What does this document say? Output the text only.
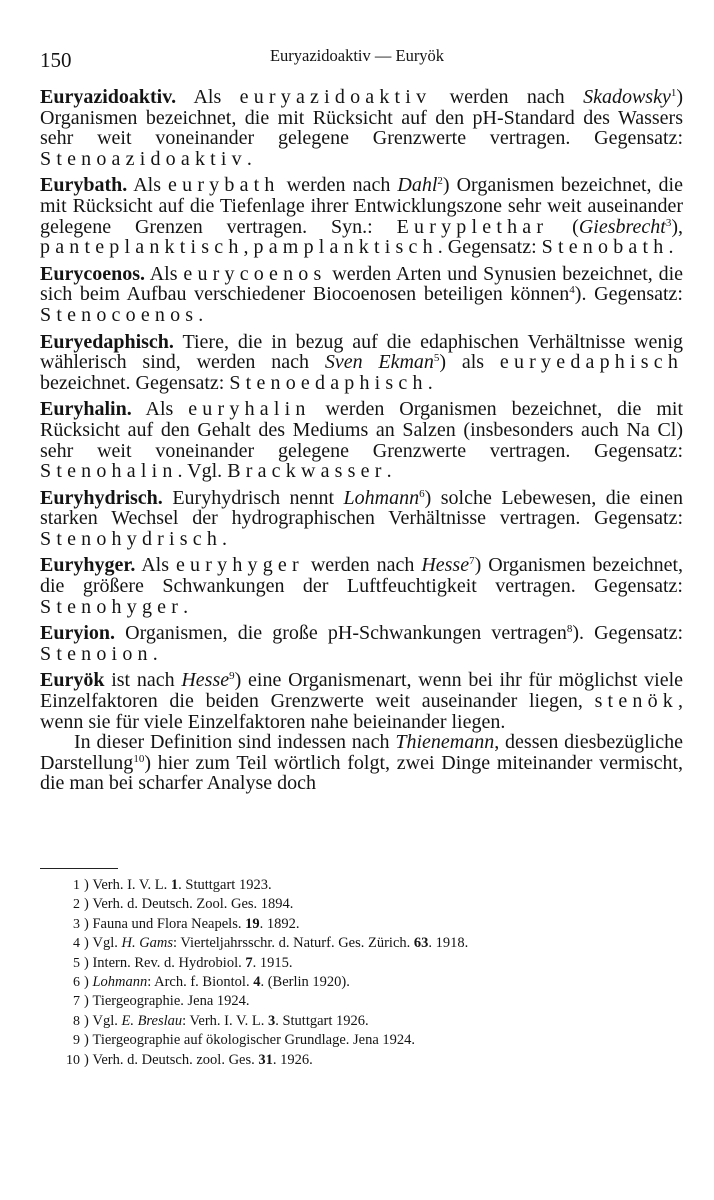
150	Euryazidoaktiv — Euryök

Euryazidoaktiv. Als euryazidoaktiv werden nach Skadowsky$^1$) Organismen bezeichnet, die mit Rücksicht auf den pH-Standard des Wassers sehr weit voneinander gelegene Grenzwerte vertragen. Gegensatz: Stenoazidoaktiv.

Eurybath. Als eurybath werden nach Dahl$^2$) Organismen bezeichnet, die mit Rücksicht auf die Tiefenlage ihrer Entwicklungszone sehr weit auseinander gelegene Grenzen vertragen. Syn.: Euryplethar (Giesbrecht$^3$), panteplanktisch, pamplanktisch. Gegensatz: Stenobath.

Eurycoenos. Als eurycoenos werden Arten und Synusien bezeichnet, die sich beim Aufbau verschiedener Biocoenosen beteiligen können$^4$). Gegensatz: Stenocoenos.

Euryedaphisch. Tiere, die in bezug auf die edaphischen Verhältnisse wenig wählerisch sind, werden nach Sven Ekman$^5$) als euryedaphisch bezeichnet. Gegensatz: Stenoedaphisch.

Euryhalin. Als euryhalin werden Organismen bezeichnet, die mit Rücksicht auf den Gehalt des Mediums an Salzen (insbesonders auch Na Cl) sehr weit voneinander gelegene Grenzwerte vertragen. Gegensatz: Stenohalin. Vgl. Brackwasser.

Euryhydrisch. Euryhydrisch nennt Lohmann$^6$) solche Lebewesen, die einen starken Wechsel der hydrographischen Verhältnisse vertragen. Gegensatz: Stenohydrisch.

Euryhyger. Als euryhyger werden nach Hesse$^7$) Organismen bezeichnet, die größere Schwankungen der Luftfeuchtigkeit vertragen. Gegensatz: Stenohyger.

Euryion. Organismen, die große pH-Schwankungen vertragen$^8$). Gegensatz: Stenoion.

Euryök ist nach Hesse$^9$) eine Organismenart, wenn bei ihr für möglichst viele Einzelfaktoren die beiden Grenzwerte weit auseinander liegen, stenök, wenn sie für viele Einzelfaktoren nahe beieinander liegen.

In dieser Definition sind indessen nach Thienemann, dessen diesbezügliche Darstellung$^{10}$) hier zum Teil wörtlich folgt, zwei Dinge miteinander vermischt, die man bei scharfer Analyse doch

1 ) Verh. I. V. L.
1 . Stuttgart 1923.
2 ) Verh. d. Deutsch. Zool. Ges. 1894.
3 ) Fauna und Flora Neapels.
19 . 1892.
4 ) Vgl.
H. Gams : Vierteljahrsschr. d. Naturf. Ges. Zürich.
63 . 1918.
5 ) Intern. Rev. d. Hydrobiol.
7 . 1915.
6 ) Lohmann : Arch. f. Biontol.
4 . (Berlin 1920).
7 ) Tiergeographie. Jena 1924.
8 ) Vgl.
E. Breslau : Verh. I. V. L.
3 . Stuttgart 1926.
9 ) Tiergeographie auf ökologischer Grundlage. Jena 1924.
10 ) Verh. d. Deutsch. zool. Ges.
31 . 1926.
